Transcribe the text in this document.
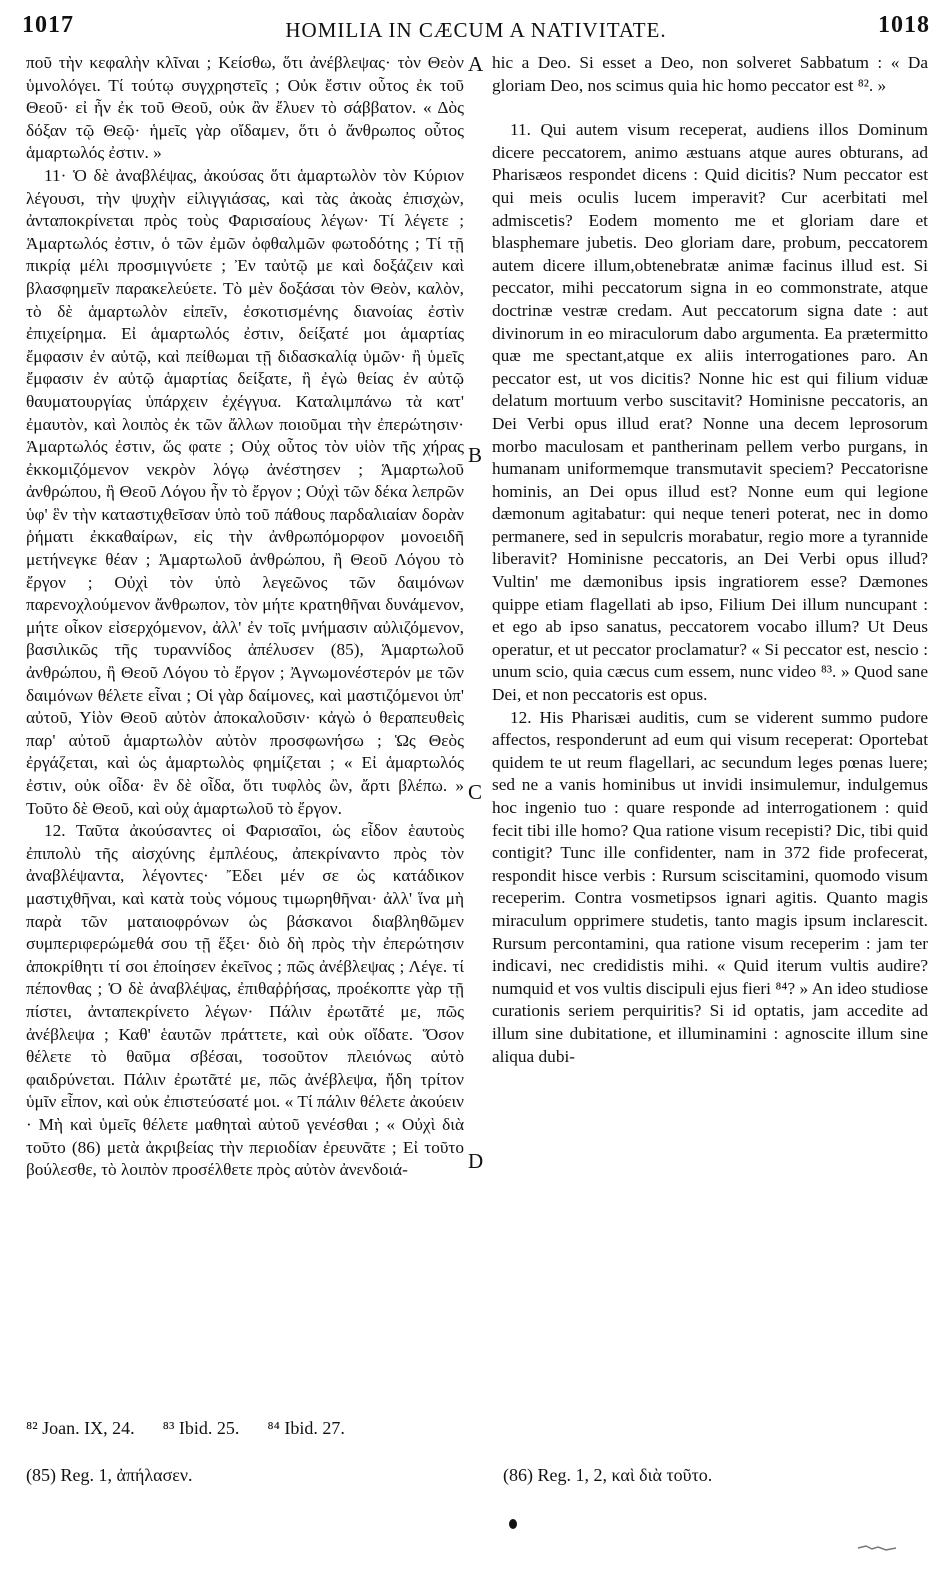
1017	HOMILIA IN CÆCUM A NATIVITATE.	1018

ποῦ τὴν κεφαλὴν κλῖναι ; Κείσθω, ὅτι ἀνέβλεψας· τὸν Θεὸν ὑμνολόγει. Τί τούτῳ συγχρηστεῖς ; Οὐκ ἔστιν οὗτος ἐκ τοῦ Θεοῦ· εἰ ἦν ἐκ τοῦ Θεοῦ, οὐκ ἂν ἔλυεν τὸ σάββατον. « Δὸς δόξαν τῷ Θεῷ· ἡμεῖς γὰρ οἴδαμεν, ὅτι ὁ ἄνθρωπος οὗτος ἁμαρτωλός ἐστιν. »

11· Ὁ δὲ ἀναβλέψας, ἀκούσας ὅτι ἁμαρτωλὸν τὸν Κύριον λέγουσι, τὴν ψυχὴν εἰλιγγιάσας, καὶ τὰς ἀκοὰς ἐπισχὼν, ἀνταποκρίνεται πρὸς τοὺς Φαρισαίους λέγων· Τί λέγετε ; Ἁμαρτωλός ἐστιν, ὁ τῶν ἐμῶν ὀφθαλμῶν φωτοδότης ; Τί τῇ πικρίᾳ μέλι προσμιγνύετε ; Ἐν ταὐτῷ με καὶ δοξάζειν καὶ βλασφημεῖν παρακελεύετε. Τὸ μὲν δοξάσαι τὸν Θεὸν, καλὸν, τὸ δὲ ἁμαρτωλὸν εἰπεῖν, ἐσκοτισμένης διανοίας ἐστὶν ἐπιχείρημα. Εἰ ἁμαρτωλός ἐστιν, δείξατέ μοι ἁμαρτίας ἔμφασιν ἐν αὐτῷ, καὶ πείθωμαι τῇ διδασκαλίᾳ ὑμῶν· ἢ ὑμεῖς ἔμφασιν ἐν αὐτῷ ἁμαρτίας δείξατε, ἢ ἐγὼ θείας ἐν αὐτῷ θαυματουργίας ὑπάρχειν ἐχέγγυα. Καταλιμπάνω τὰ κατ' ἐμαυτὸν, καὶ λοιπὸς ἐκ τῶν ἄλλων ποιοῦμαι τὴν ἐπερώτησιν· Ἁμαρτωλός ἐστιν, ὥς φατε ; Οὐχ οὗτος τὸν υἱὸν τῆς χήρας ἐκκομιζόμενον νεκρὸν λόγῳ ἀνέστησεν ; Ἁμαρτωλοῦ ἀνθρώπου, ἢ Θεοῦ Λόγου ἦν τὸ ἔργον ; Οὐχὶ τῶν δέκα λεπρῶν ὑφ' ἓν τὴν καταστιχθεῖσαν ὑπὸ τοῦ πάθους παρδαλιαίαν δορὰν ῥήματι ἐκκαθαίρων, εἰς τὴν ἀνθρωπόμορφον μονοειδῆ μετήνεγκε θέαν ; Ἁμαρτωλοῦ ἀνθρώπου, ἢ Θεοῦ Λόγου τὸ ἔργον ; Οὐχὶ τὸν ὑπὸ λεγεῶνος τῶν δαιμόνων παρενοχλούμενον ἄνθρωπον, τὸν μήτε κρατηθῆναι δυνάμενον, μήτε οἶκον εἰσερχόμενον, ἀλλ' ἐν τοῖς μνήμασιν αὐλιζόμενον, βασιλικῶς τῆς τυραννίδος ἀπέλυσεν (85), Ἁμαρτωλοῦ ἀνθρώπου, ἢ Θεοῦ Λόγου τὸ ἔργον ; Ἀγνωμονέστερόν με τῶν δαιμόνων θέλετε εἶναι ; Οἱ γὰρ δαίμονες, καὶ μαστιζόμενοι ὑπ' αὐτοῦ, Υἱὸν Θεοῦ αὐτὸν ἀποκαλοῦσιν· κἀγὼ ὁ θεραπευθεὶς παρ' αὐτοῦ ἁμαρτωλὸν αὐτὸν προσφωνήσω ; Ὡς Θεὸς ἐργάζεται, καὶ ὡς ἁμαρτωλὸς φημίζεται ; « Εἰ ἁμαρτωλός ἐστιν, οὐκ οἶδα· ἓν δὲ οἶδα, ὅτι τυφλὸς ὢν, ἄρτι βλέπω. » Τοῦτο δὲ Θεοῦ, καὶ οὐχ ἁμαρτωλοῦ τὸ ἔργον.

12. Ταῦτα ἀκούσαντες οἱ Φαρισαῖοι, ὡς εἶδον ἑαυτοὺς ἐπιπολὺ τῆς αἰσχύνης ἐμπλέους, ἀπεκρίναντο πρὸς τὸν ἀναβλέψαντα, λέγοντες· Ἔδει μέν σε ὡς κατάδικον μαστιχθῆναι, καὶ κατὰ τοὺς νόμους τιμωρηθῆναι· ἀλλ' ἵνα μὴ παρὰ τῶν ματαιοφρόνων ὡς βάσκανοι διαβληθῶμεν συμπεριφερώμεθά σου τῇ ἕξει· διὸ δὴ πρὸς τὴν ἐπερώτησιν ἀποκρίθητι τί σοι ἐποίησεν ἐκεῖνος ; πῶς ἀνέβλεψας ; Λέγε. τί πέπονθας ; Ὁ δὲ ἀναβλέψας, ἐπιθαῤῥήσας, προέκοπτε γὰρ τῇ πίστει, ἀνταπεκρίνετο λέγων· Πάλιν ἐρωτᾶτέ με, πῶς ἀνέβλεψα ; Καθ' ἑαυτῶν πράττετε, καὶ οὐκ οἴδατε. Ὅσον θέλετε τὸ θαῦμα σβέσαι, τοσοῦτον πλειόνως αὐτὸ φαιδρύνεται. Πάλιν ἐρωτᾶτέ με, πῶς ἀνέβλεψα, ἤδη τρίτον ὑμῖν εἶπον, καὶ οὐκ ἐπιστεύσατέ μοι. « Τί πάλιν θέλετε ἀκούειν · Μὴ καὶ ὑμεῖς θέλετε μαθηταὶ αὐτοῦ γενέσθαι ; « Οὐχὶ διὰ τοῦτο (86) μετὰ ἀκριβείας τὴν περιοδίαν ἐρευνᾶτε ; Εἰ τοῦτο βούλεσθε, τὸ λοιπὸν προσέλθετε πρὸς αὐτὸν ἀνενδοιά-

hic a Deo. Si esset a Deo, non solveret Sabbatum : « Da gloriam Deo, nos scimus quia hic homo peccator est ⁸². »

11. Qui autem visum receperat, audiens illos Dominum dicere peccatorem, animo æstuans atque aures obturans, ad Pharisæos respondet dicens : Quid dicitis? Num peccator est qui meis oculis lucem imperavit? Cur acerbitati mel admiscetis? Eodem momento me et gloriam dare et blasphemare jubetis. Deo gloriam dare, probum, peccatorem autem dicere illum,obtenebratæ animæ facinus illud est. Si peccator, mihi peccatorum signa in eo commonstrate, atque doctrinæ vestræ credam. Aut peccatorum signa date : aut divinorum in eo miraculorum dabo argumenta. Ea prætermitto quæ me spectant,atque ex aliis interrogationes paro. An peccator est, ut vos dicitis? Nonne hic est qui filium viduæ delatum mortuum verbo suscitavit? Hominisne peccatoris, an Dei Verbi opus illud erat? Nonne una decem leprosorum morbo maculosam et pantherinam pellem verbo purgans, in humanam uniformemque transmutavit speciem? Peccatorisne hominis, an Dei opus illud est? Nonne eum qui legione dæmonum agitabatur: qui neque teneri poterat, nec in domo permanere, sed in sepulcris morabatur, regio more a tyrannide liberavit? Hominisne peccatoris, an Dei Verbi opus illud? Vultin' me dæmonibus ipsis ingratiorem esse? Dæmones quippe etiam flagellati ab ipso, Filium Dei illum nuncupant : et ego ab ipso sanatus, peccatorem vocabo illum? Ut Deus operatur, et ut peccator proclamatur? « Si peccator est, nescio : unum scio, quia cæcus cum essem, nunc video ⁸³. » Quod sane Dei, et non peccatoris est opus.

12. His Pharisæi auditis, cum se viderent summo pudore affectos, responderunt ad eum qui visum receperat: Oportebat quidem te ut reum flagellari, ac secundum leges pœnas luere; sed ne a vanis hominibus ut invidi insimulemur, indulgemus hoc ingenio tuo : quare responde ad interrogationem : quid fecit tibi ille homo? Qua ratione visum recepisti? Dic, tibi quid contigit? Tunc ille confidenter, nam in 372 fide profecerat, respondit hisce verbis : Rursum sciscitamini, quomodo visum receperim. Contra vosmetipsos ignari agitis. Quanto magis miraculum opprimere studetis, tanto magis ipsum inclarescit. Rursum percontamini, qua ratione visum receperim : jam ter indicavi, nec credidistis mihi. « Quid iterum vultis audire? numquid et vos vultis discipuli ejus fieri ⁸⁴? » An ideo studiose curationis seriem perquiritis? Si id optatis, jam accedite ad illum sine dubitatione, et illuminamini : agnoscite illum sine aliqua dubi-

A
B
C
D
⁸² Joan. IX, 24. ⁸³ Ibid. 25. ⁸⁴ Ibid. 27.
(85) Reg. 1, ἀπήλασεν.	(86) Reg. 1, 2, καὶ διὰ τοῦτο.
